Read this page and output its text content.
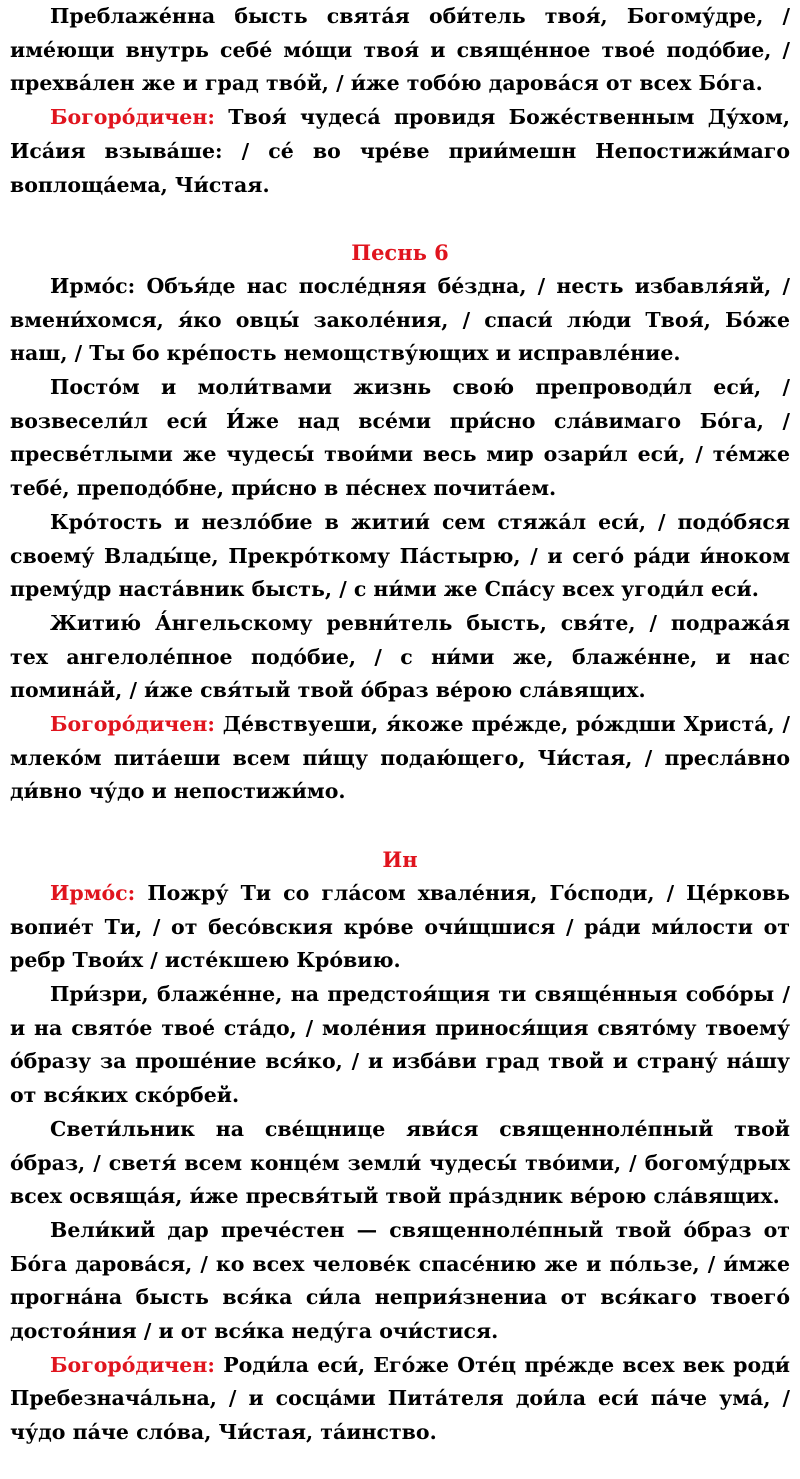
Преблаже́нна бысть свята́я оби́тель твоя́, Богому́дре, / име́ющи внутрь себе́ мо́щи твоя́ и свяще́нное твое́ подо́бие, / прехва́лен же и град тво́й, / и́же тобо́ю дарова́ся от всех Бо́га.

Богоро́дичен: Твоя́ чудеса́ провидя Боже́ственным Ду́хом, Иса́ия взыва́ше: / се́ во чре́ве прии́мешн Непостижи́маго воплоща́ема, Чи́стая.

Песнь 6

Ирмо́с: Объя́де нас после́дняя бе́здна, / несть избавля́яй, / вмени́хомся, я́ко овцы́ заколе́ния, / спаси́ лю́ди Твоя́, Бо́же наш, / Ты бо кре́пость немощству́ющих и исправле́ние.

Посто́м и моли́твами жизнь свою́ препроводи́л еси́, / возвесели́л еси́ И́же над все́ми при́сно сла́вимаго Бо́га, / пресве́тлыми же чудесы́ твои́ми весь мир озари́л еси́, / те́мже тебе́, преподо́бне, при́сно в пе́снех почита́ем.

Кро́тость и незло́бие в житии́ сем стяжа́л еси́, / подо́бяся своему́ Влады́це, Прекро́ткому Па́стырю, / и сего́ ра́ди и́ноком прему́др наста́вник бысть, / с ни́ми же Спа́су всех угоди́л еси́.

Житию́ А́нгельскому ревни́тель бысть, свя́те, / подража́я тех ангелоле́пное подо́бие, / с ни́ми же, блаже́нне, и нас помина́й, / и́же свя́тый твой о́браз ве́рою сла́вящих.

Богоро́дичен: Де́вствуеши, я́коже пре́жде, ро́ждши Христа́, / млеко́м пита́еши всем пи́щу подаю́щего, Чи́стая, / пресла́вно ди́вно чу́до и непостижи́мо.

Ин

Ирмо́с: Пожру́ Ти со гла́сом хвале́ния, Го́споди, / Це́рковь вопие́т Ти, / от бесо́вския кро́ве очи́щшися / ра́ди ми́лости от ребр Твои́х / исте́кшею Кро́вию.

При́зри, блаже́нне, на предстоя́щия ти свяще́нныя собо́ры / и на свято́е твое́ ста́до, / моле́ния принося́щия свято́му твоему́ о́бразу за проше́ние вся́ко, / и изба́ви град твой и страну́ на́шу от вся́ких ско́рбей.

Свети́льник на све́щнице яви́ся священноле́пный твой о́браз, / светя́ всем конце́м земли́ чудесы́ тво́ими, / богому́дрых всех освяща́я, и́же пресвя́тый твой пра́здник ве́рою сла́вящих.

Вели́кий дар пречéстен — священноле́пный твой о́браз от Бо́га дарова́ся, / ко всех челове́к спасе́нию же и по́льзе, / и́мже прогна́на бысть вся́ка си́ла неприя́знениа от вся́каго твоего́ достоя́ния / и от вся́ка неду́га очи́стися.

Богоро́дичен: Роди́ла еси́, Его́же Оте́ц пре́жде всех век роди́ Пребезнача́льна, / и сосца́ми Пита́теля дои́ла еси́ па́че ума́, / чу́до па́че сло́ва, Чи́стая, та́инство.
